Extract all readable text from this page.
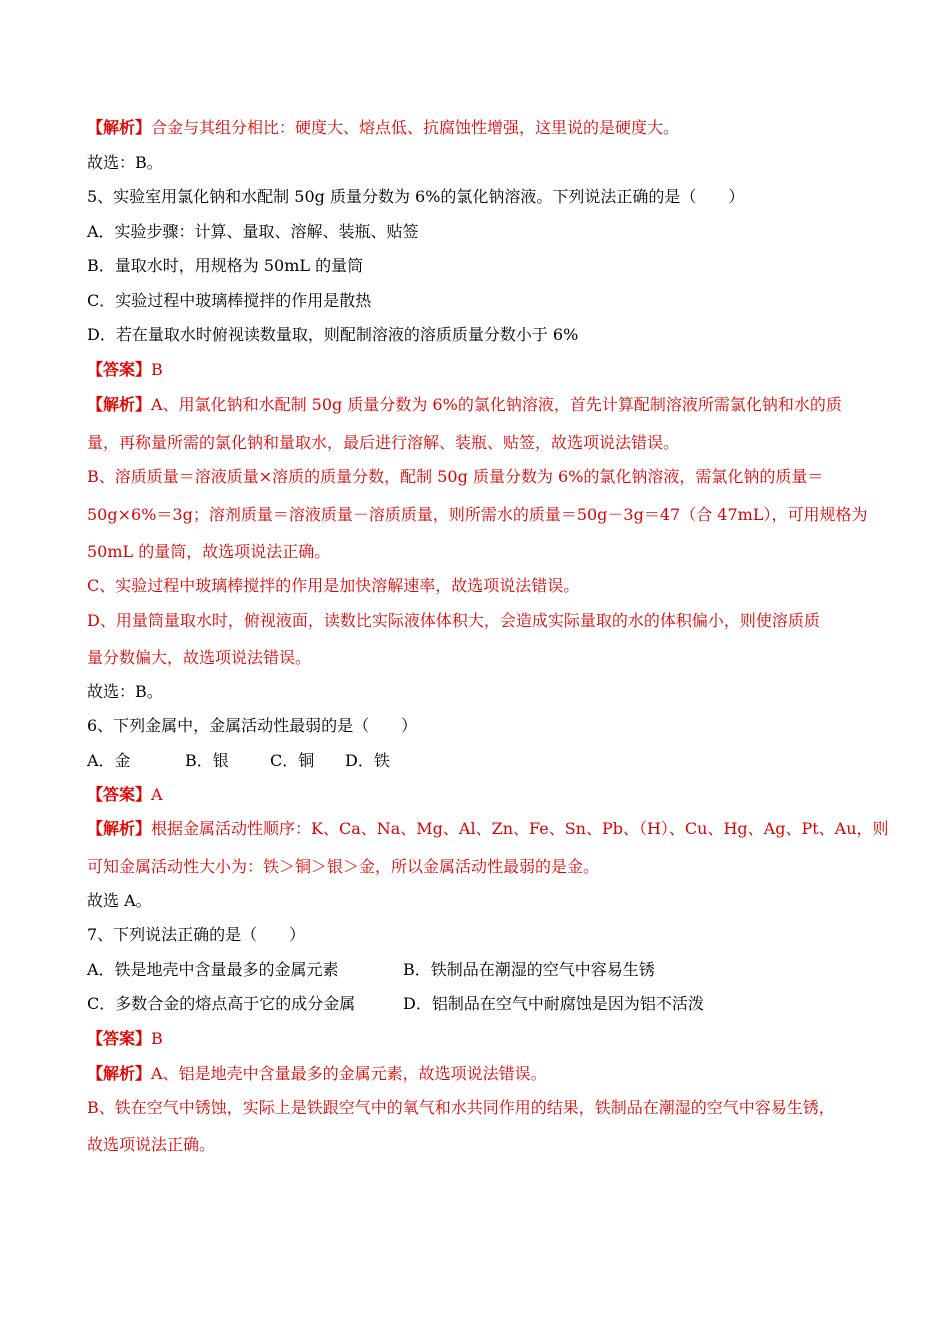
【解析】合金与其组分相比：硬度大、熔点低、抗腐蚀性增强，这里说的是硬度大。
故选：B。
5、实验室用氯化钠和水配制 50g 质量分数为 6%的氯化钠溶液。下列说法正确的是（　　）
A．实验步骤：计算、量取、溶解、装瓶、贴签
B．量取水时，用规格为 50mL 的量筒
C．实验过程中玻璃棒搅拌的作用是散热
D．若在量取水时俯视读数量取，则配制溶液的溶质质量分数小于 6%
【答案】B
【解析】A、用氯化钠和水配制 50g 质量分数为 6%的氯化钠溶液，首先计算配制溶液所需氯化钠和水的质
量，再称量所需的氯化钠和量取水，最后进行溶解、装瓶、贴签，故选项说法错误。
B、溶质质量＝溶液质量×溶质的质量分数，配制 50g 质量分数为 6%的氯化钠溶液，需氯化钠的质量＝
50g×6%＝3g；溶剂质量＝溶液质量－溶质质量，则所需水的质量＝50g－3g＝47（合 47mL），可用规格为
50mL 的量筒，故选项说法正确。
C、实验过程中玻璃棒搅拌的作用是加快溶解速率，故选项说法错误。
D、用量筒量取水时，俯视液面，读数比实际液体体积大，会造成实际量取的水的体积偏小，则使溶质质
量分数偏大，故选项说法错误。
故选：B。
6、下列金属中，金属活动性最弱的是（　　）
A．金	B．银	C．铜 D．铁
【答案】A
【解析】根据金属活动性顺序：K、Ca、Na、Mg、Al、Zn、Fe、Sn、Pb、（H）、Cu、Hg、Ag、Pt、Au，则
可知金属活动性大小为：铁＞铜＞银＞金，所以金属活动性最弱的是金。
故选 A。
7、下列说法正确的是（　　）
A．铁是地壳中含量最多的金属元素	B．铁制品在潮湿的空气中容易生锈
C．多数合金的熔点高于它的成分金属	D．铝制品在空气中耐腐蚀是因为铝不活泼
【答案】B
【解析】A、铝是地壳中含量最多的金属元素，故选项说法错误。
B、铁在空气中锈蚀，实际上是铁跟空气中的氧气和水共同作用的结果，铁制品在潮湿的空气中容易生锈，
故选项说法正确。
